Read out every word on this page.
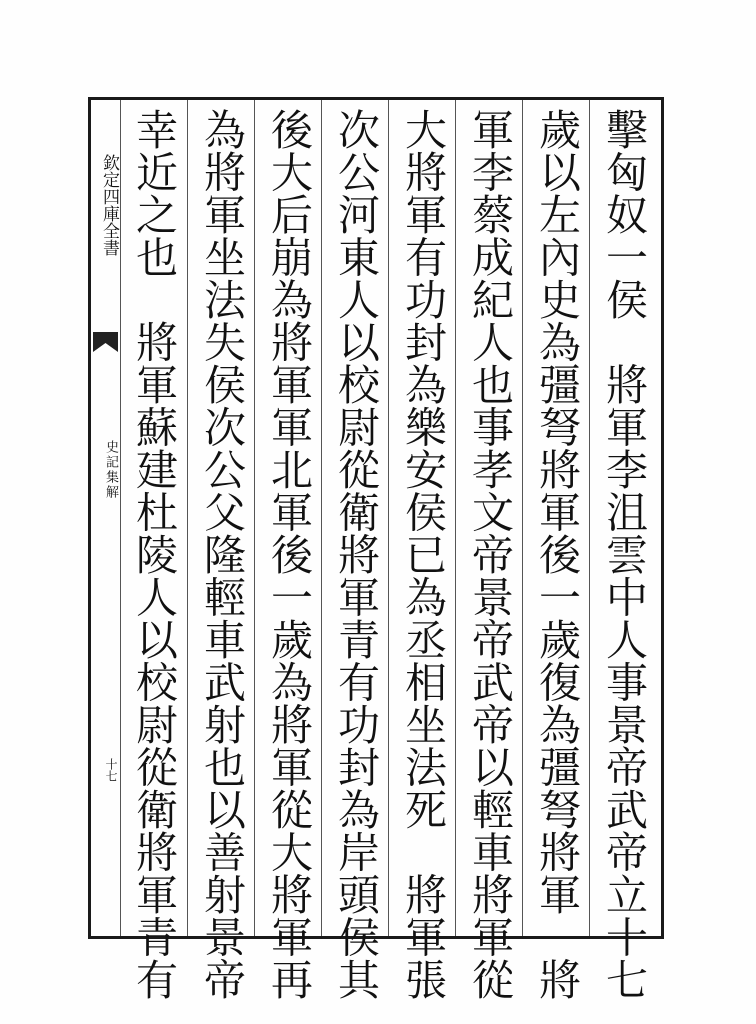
欽定四庫全書
史記集解
十七 幸近之也　將軍蘇建杜陵人以校尉從衛將軍青有 為將軍坐法失侯次公父隆輕車武射也以善射景帝 後大后崩為將軍軍北軍後一歲為將軍從大將軍再 次公河東人以校尉從衛將軍青有功封為岸頭侯其 大將軍有功封為樂安侯已為丞相坐法死　將軍張 軍李蔡成紀人也事孝文帝景帝武帝以輕車將軍從 歲以左內史為彊弩將軍後一歲復為彊弩將軍　將 擊匈奴一侯　將軍李沮雲中人事景帝武帝立十七
